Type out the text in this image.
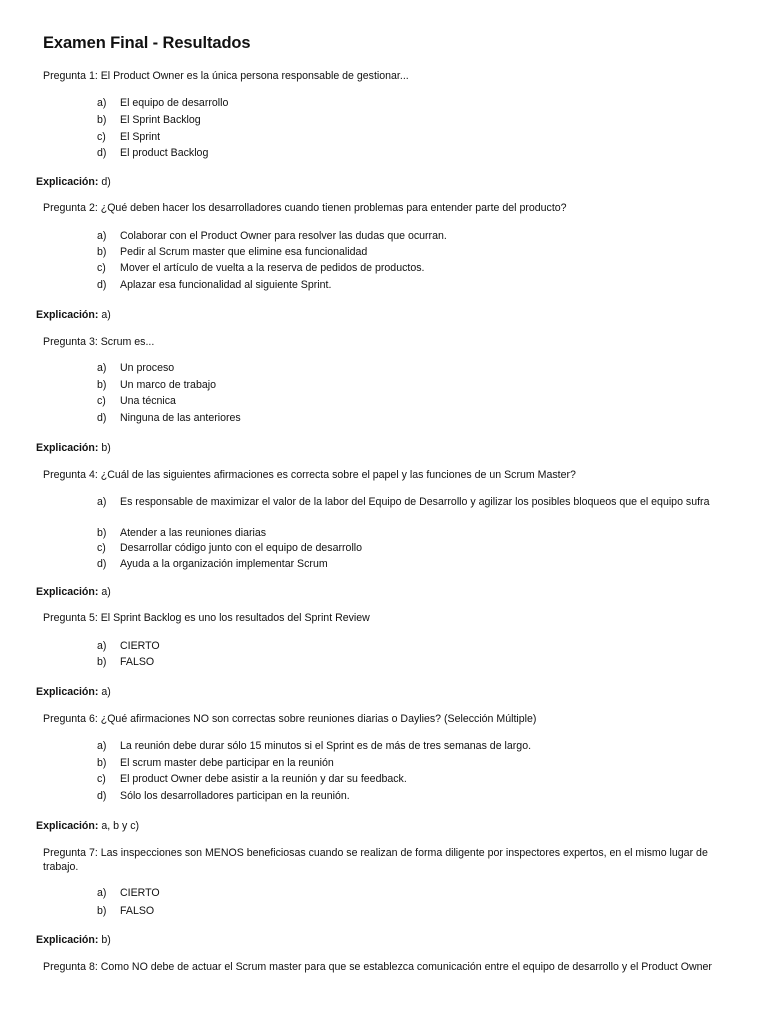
Examen Final - Resultados
Pregunta 1: El Product Owner es la única persona responsable de gestionar...
a) El equipo de desarrollo
b) El Sprint Backlog
c) El Sprint
d) El product Backlog
Explicación: d)
Pregunta 2: ¿Qué deben hacer los desarrolladores cuando tienen problemas para entender parte del producto?
a) Colaborar con el Product Owner para resolver las dudas que ocurran.
b) Pedir al Scrum master que elimine esa funcionalidad
c) Mover el artículo de vuelta a la reserva de pedidos de productos.
d) Aplazar esa funcionalidad al siguiente Sprint.
Explicación: a)
Pregunta 3: Scrum es...
a) Un proceso
b) Un marco de trabajo
c) Una técnica
d) Ninguna de las anteriores
Explicación: b)
Pregunta 4: ¿Cuál de las siguientes afirmaciones es correcta sobre el papel y las funciones de un Scrum Master?
a) Es responsable de maximizar el valor de la labor del Equipo de Desarrollo y agilizar los posibles bloqueos que el equipo sufra
b) Atender a las reuniones diarias
c) Desarrollar código junto con el equipo de desarrollo
d) Ayuda a la organización implementar Scrum
Explicación: a)
Pregunta 5: El Sprint Backlog es uno los resultados del Sprint Review
a) CIERTO
b) FALSO
Explicación: a)
Pregunta 6: ¿Qué afirmaciones NO son correctas sobre reuniones diarias o Daylies? (Selección Múltiple)
a) La reunión debe durar sólo 15 minutos si el Sprint es de más de tres semanas de largo.
b) El scrum master debe participar en la reunión
c) El product Owner debe asistir a la reunión y dar su feedback.
d) Sólo los desarrolladores participan en la reunión.
Explicación: a, b y c)
Pregunta 7: Las inspecciones son MENOS beneficiosas cuando se realizan de forma diligente por inspectores expertos, en el mismo lugar de trabajo.
a) CIERTO
b) FALSO
Explicación: b)
Pregunta 8: Como NO debe de actuar el Scrum master para que se establezca comunicación entre el equipo de desarrollo y el Product Owner
